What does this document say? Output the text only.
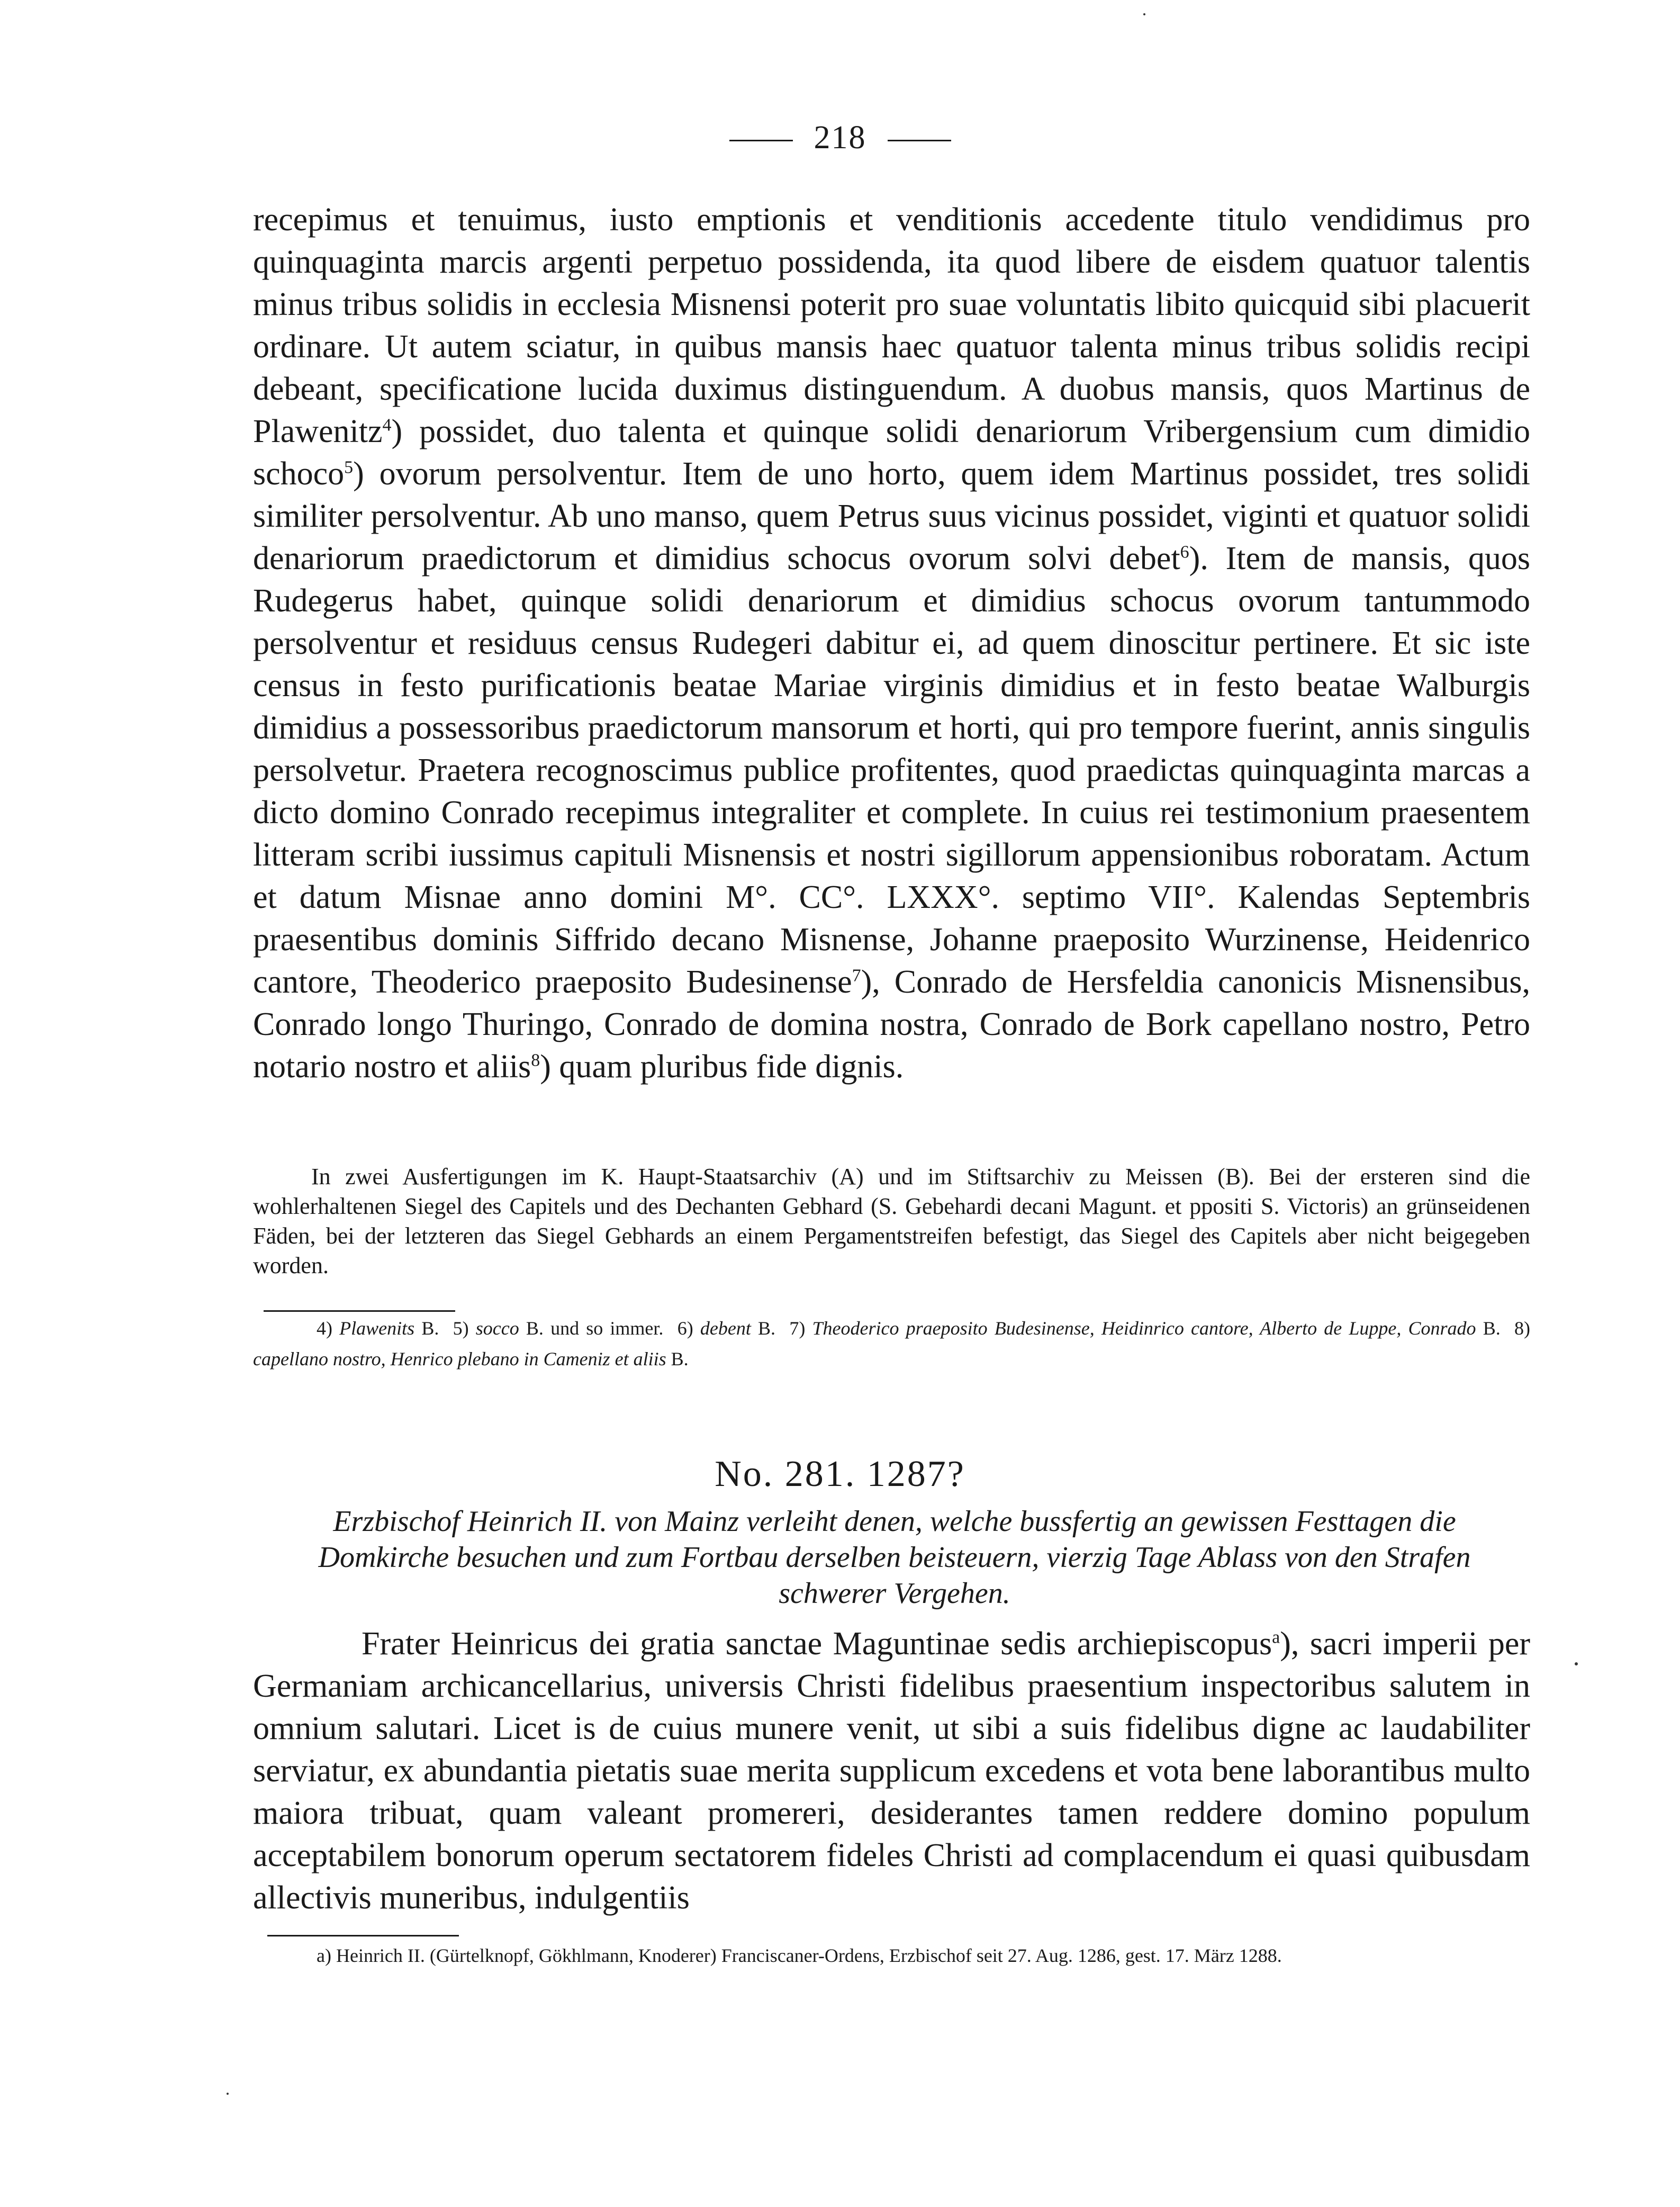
218
recepimus et tenuimus, iusto emptionis et venditionis accedente titulo vendidimus pro quinquaginta marcis argenti perpetuo possidenda, ita quod libere de eisdem quatuor talentis minus tribus solidis in ecclesia Misnensi poterit pro suae voluntatis libito quicquid sibi placuerit ordinare. Ut autem sciatur, in quibus mansis haec quatuor talenta minus tribus solidis recipi debeant, specificatione lucida duximus distinguendum. A duobus mansis, quos Martinus de Plawenitz$^4$) possidet, duo talenta et quinque solidi denariorum Vribergensium cum dimidio schoco$^5$) ovorum persolventur. Item de uno horto, quem idem Martinus possidet, tres solidi similiter persolventur. Ab uno manso, quem Petrus suus vicinus possidet, viginti et quatuor solidi denariorum praedictorum et dimidius schocus ovorum solvi debet$^6$). Item de mansis, quos Rudegerus habet, quinque solidi denariorum et dimidius schocus ovorum tantummodo persolventur et residuus census Rudegeri dabitur ei, ad quem dinoscitur pertinere. Et sic iste census in festo purificationis beatae Mariae virginis dimidius et in festo beatae Walburgis dimidius a possessoribus praedictorum mansorum et horti, qui pro tempore fuerint, annis singulis persolvetur. Praetera recognoscimus publice profitentes, quod praedictas quinquaginta marcas a dicto domino Conrado recepimus integraliter et complete. In cuius rei testimonium praesentem litteram scribi iussimus capituli Misnensis et nostri sigillorum appensionibus roboratam. Actum et datum Misnae anno domini M°. CC°. LXXX°. septimo VII°. Kalendas Septembris praesentibus dominis Siffrido decano Misnense, Johanne praeposito Wurzinense, Heidenrico cantore, Theoderico praeposito Budesinense$^7$), Conrado de Hersfeldia canonicis Misnensibus, Conrado longo Thuringo, Conrado de domina nostra, Conrado de Bork capellano nostro, Petro notario nostro et aliis$^8$) quam pluribus fide dignis.
In zwei Ausfertigungen im K. Haupt-Staatsarchiv (A) und im Stiftsarchiv zu Meissen (B). Bei der ersteren sind die wohlerhaltenen Siegel des Capitels und des Dechanten Gebhard (S. Gebehardi decani Magunt. et ppositi S. Victoris) an grünseidenen Fäden, bei der letzteren das Siegel Gebhards an einem Pergamentstreifen befestigt, das Siegel des Capitels aber nicht beigegeben worden.
4) Plawenits B. 5) socco B. und so immer. 6) debent B. 7) Theoderico praeposito Budesinense, Heidinrico cantore, Alberto de Luppe, Conrado B. 8) capellano nostro, Henrico plebano in Cameniz et aliis B.
No. 281. 1287?
Erzbischof Heinrich II. von Mainz verleiht denen, welche bussfertig an gewissen Festtagen die Domkirche besuchen und zum Fortbau derselben beisteuern, vierzig Tage Ablass von den Strafen schwerer Vergehen.
Frater Heinricus dei gratia sanctae Maguntinae sedis archiepiscopus$^a$), sacri imperii per Germaniam archicancellarius, universis Christi fidelibus praesentium inspectoribus salutem in omnium salutari. Licet is de cuius munere venit, ut sibi a suis fidelibus digne ac laudabiliter serviatur, ex abundantia pietatis suae merita supplicum excedens et vota bene laborantibus multo maiora tribuat, quam valeant promereri, desiderantes tamen reddere domino populum acceptabilem bonorum operum sectatorem fideles Christi ad complacendum ei quasi quibusdam allectivis muneribus, indulgentiis
a) Heinrich II. (Gürtelknopf, Gökhlmann, Knoderer) Franciscaner-Ordens, Erzbischof seit 27. Aug. 1286, gest. 17. März 1288.
